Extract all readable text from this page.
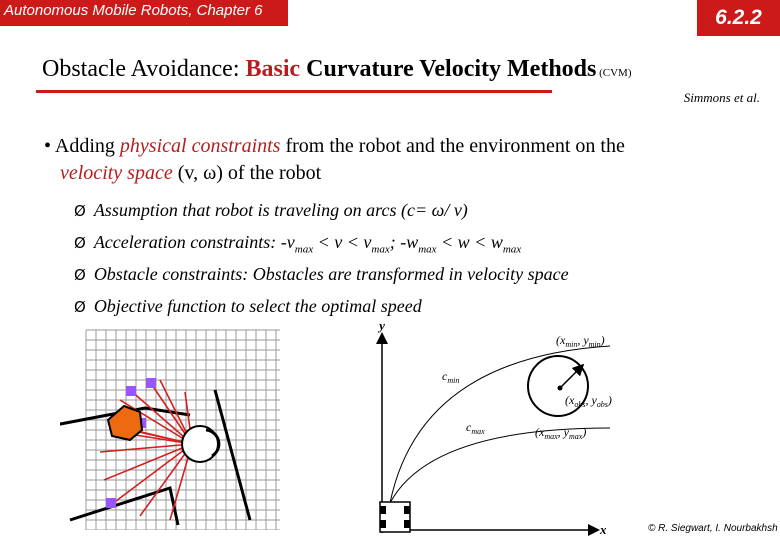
Autonomous Mobile Robots, Chapter 6	6.2.2
Obstacle Avoidance: Basic Curvature Velocity Methods (CVM)
Simmons et al.
• Adding physical constraints from the robot and the environment on the
velocity space (v, ω) of the robot
Ø Assumption that robot is traveling on arcs (c= ω/ v)
Ø Acceleration constraints: $-v_{max} < v < v_{max}$; $-w_{max} < w < w_{max}$
Ø Obstacle constraints: Obstacles are transformed in velocity space
Ø Objective function to select the optimal speed
y
x
($x_{min}$, $y_{min}$)
$c_{min}$
($x_{obs}$, $y_{obs}$)
$c_{max}$	($x_{max}$, $y_{max}$)
© R. Siegwart, I. Nourbakhsh
